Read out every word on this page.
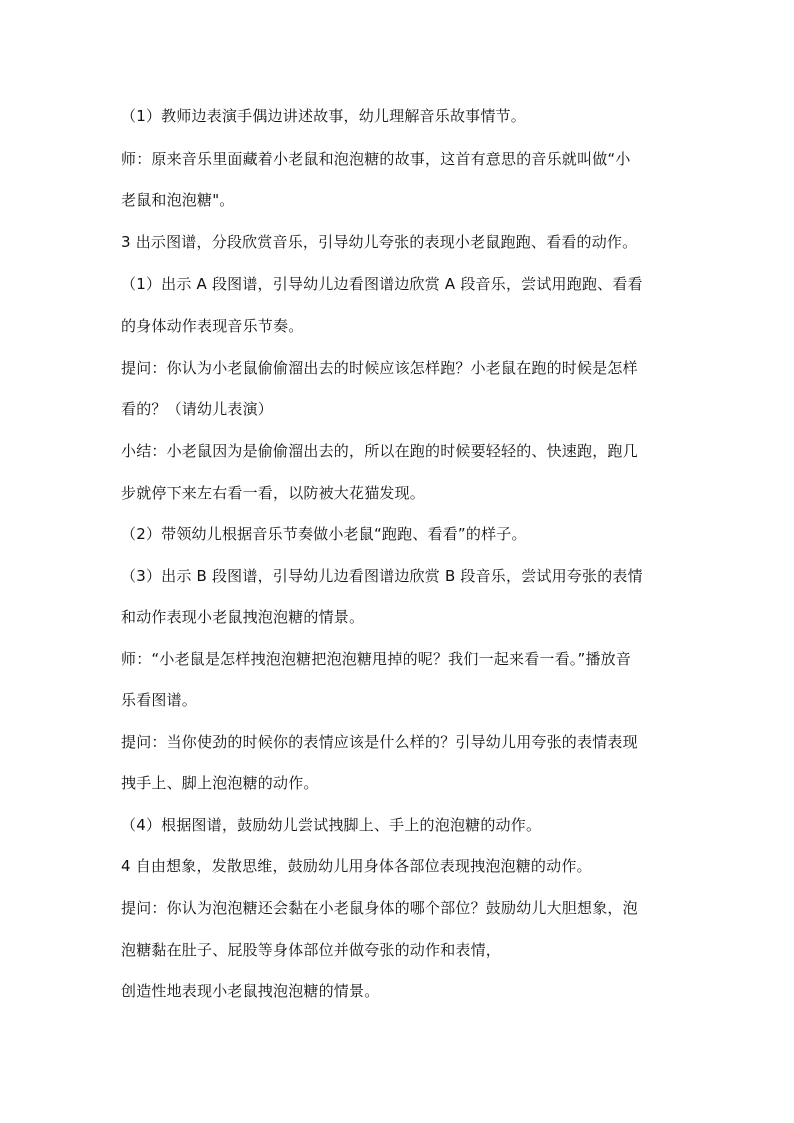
（1）教师边表演手偶边讲述故事，幼儿理解音乐故事情节。
师：原来音乐里面藏着小老鼠和泡泡糖的故事，这首有意思的音乐就叫做“小
老鼠和泡泡糖"。
3 出示图谱，分段欣赏音乐，引导幼儿夸张的表现小老鼠跑跑、看看的动作。
（1）出示 A 段图谱，引导幼儿边看图谱边欣赏 A 段音乐，尝试用跑跑、看看
的身体动作表现音乐节奏。
提问：你认为小老鼠偷偷溜出去的时候应该怎样跑？小老鼠在跑的时候是怎样
看的？（请幼儿表演）
小结：小老鼠因为是偷偷溜出去的，所以在跑的时候要轻轻的、快速跑，跑几
步就停下来左右看一看，以防被大花猫发现。
（2）带领幼儿根据音乐节奏做小老鼠“跑跑、看看”的样子。
（3）出示 B 段图谱，引导幼儿边看图谱边欣赏 B 段音乐，尝试用夸张的表情
和动作表现小老鼠拽泡泡糖的情景。
师：“小老鼠是怎样拽泡泡糖把泡泡糖甩掉的呢？我们一起来看一看。”播放音
乐看图谱。
提问：当你使劲的时候你的表情应该是什么样的？引导幼儿用夸张的表情表现
拽手上、脚上泡泡糖的动作。
（4）根据图谱，鼓励幼儿尝试拽脚上、手上的泡泡糖的动作。
4 自由想象，发散思维，鼓励幼儿用身体各部位表现拽泡泡糖的动作。
提问：你认为泡泡糖还会黏在小老鼠身体的哪个部位？鼓励幼儿大胆想象，泡
泡糖黏在肚子、屁股等身体部位并做夸张的动作和表情，
创造性地表现小老鼠拽泡泡糖的情景。
